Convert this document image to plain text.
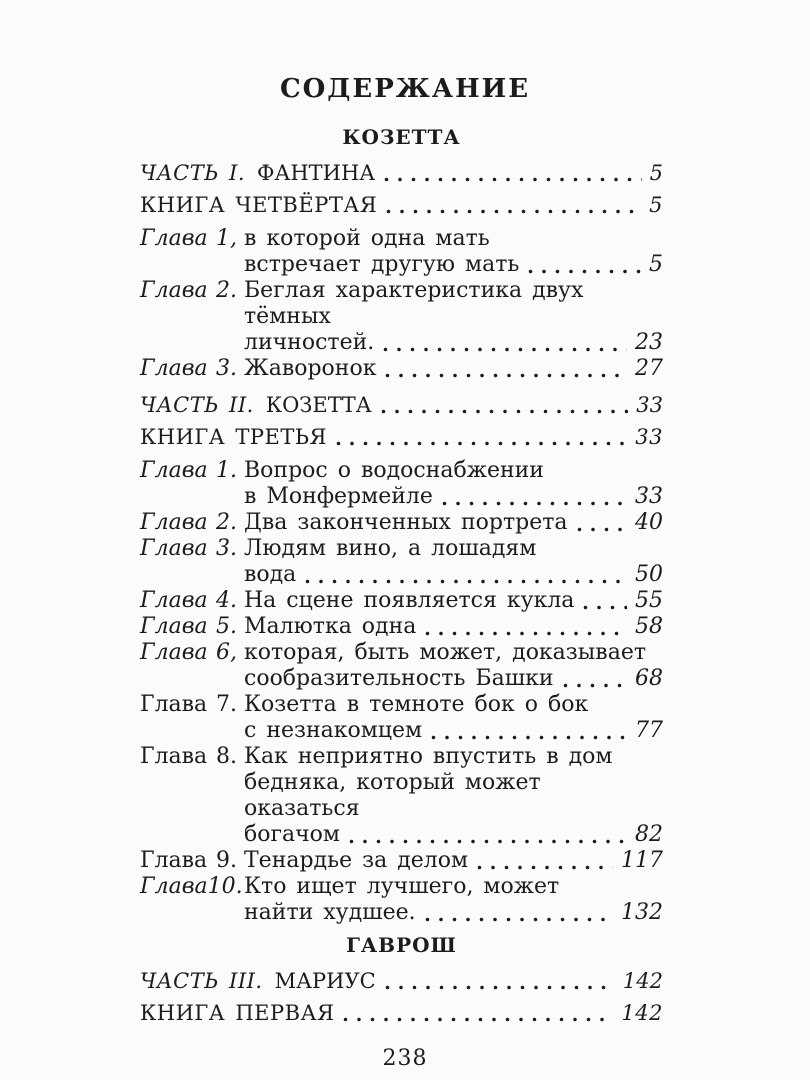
СОДЕРЖАНИЕ
КОЗЕТТА
ЧАСТЬ I. ФАНТИНА	5
КНИГА ЧЕТВЁРТАЯ	5
Глава 1, в которой одна мать
встречает другую мать	5
Глава 2. Беглая характеристика двух тёмных
личностей.	23
Глава 3. Жаворонок	27
ЧАСТЬ II. КОЗЕТТА	33
КНИГА ТРЕТЬЯ	33
Глава 1. Вопрос о водоснабжении
в Монфермейле	33
Глава 2. Два законченных портрета	40
Глава 3. Людям вино, а лошадям
вода	50
Глава 4. На сцене появляется кукла	55
Глава 5. Малютка одна	58
Глава 6, которая, быть может, доказывает
сообразительность Башки	68
Глава 7. Козетта в темноте бок о бок
с незнакомцем	77
Глава 8. Как неприятно впустить в дом
бедняка, который может оказаться
богачом	82
Глава 9. Тенардье за делом	117
Глава 10. Кто ищет лучшего, может
найти худшее.	132
ГАВРОШ
ЧАСТЬ III. МАРИУС	142
КНИГА ПЕРВАЯ	142
238
